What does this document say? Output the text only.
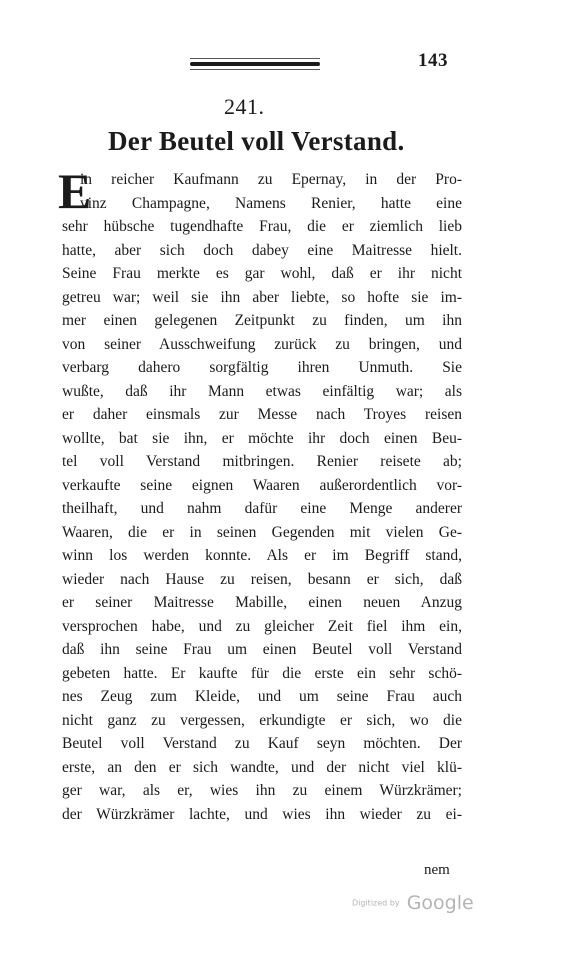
143
241.
Der Beutel voll Verstand.
E
in reicher Kaufmann zu Epernay, in der Pro-
vinz Champagne, Namens Renier, hatte eine
sehr hübsche tugendhafte Frau, die er ziemlich lieb
hatte, aber sich doch dabey eine Maitresse hielt.
Seine Frau merkte es gar wohl, daß er ihr nicht
getreu war; weil sie ihn aber liebte, so hofte sie im-
mer einen gelegenen Zeitpunkt zu finden, um ihn
von seiner Ausschweifung zurück zu bringen, und
verbarg dahero sorgfältig ihren Unmuth. Sie
wußte, daß ihr Mann etwas einfältig war; als
er daher einsmals zur Messe nach Troyes reisen
wollte, bat sie ihn, er möchte ihr doch einen Beu-
tel voll Verstand mitbringen. Renier reisete ab;
verkaufte seine eignen Waaren außerordentlich vor-
theilhaft, und nahm dafür eine Menge anderer
Waaren, die er in seinen Gegenden mit vielen Ge-
winn los werden konnte. Als er im Begriff stand,
wieder nach Hause zu reisen, besann er sich, daß
er seiner Maitresse Mabille, einen neuen Anzug
versprochen habe, und zu gleicher Zeit fiel ihm ein,
daß ihn seine Frau um einen Beutel voll Verstand
gebeten hatte. Er kaufte für die erste ein sehr schö-
nes Zeug zum Kleide, und um seine Frau auch
nicht ganz zu vergessen, erkundigte er sich, wo die
Beutel voll Verstand zu Kauf seyn möchten. Der
erste, an den er sich wandte, und der nicht viel klü-
ger war, als er, wies ihn zu einem Würzkrämer;
der Würzkrämer lachte, und wies ihn wieder zu ei-
nem
Digitized by Google
